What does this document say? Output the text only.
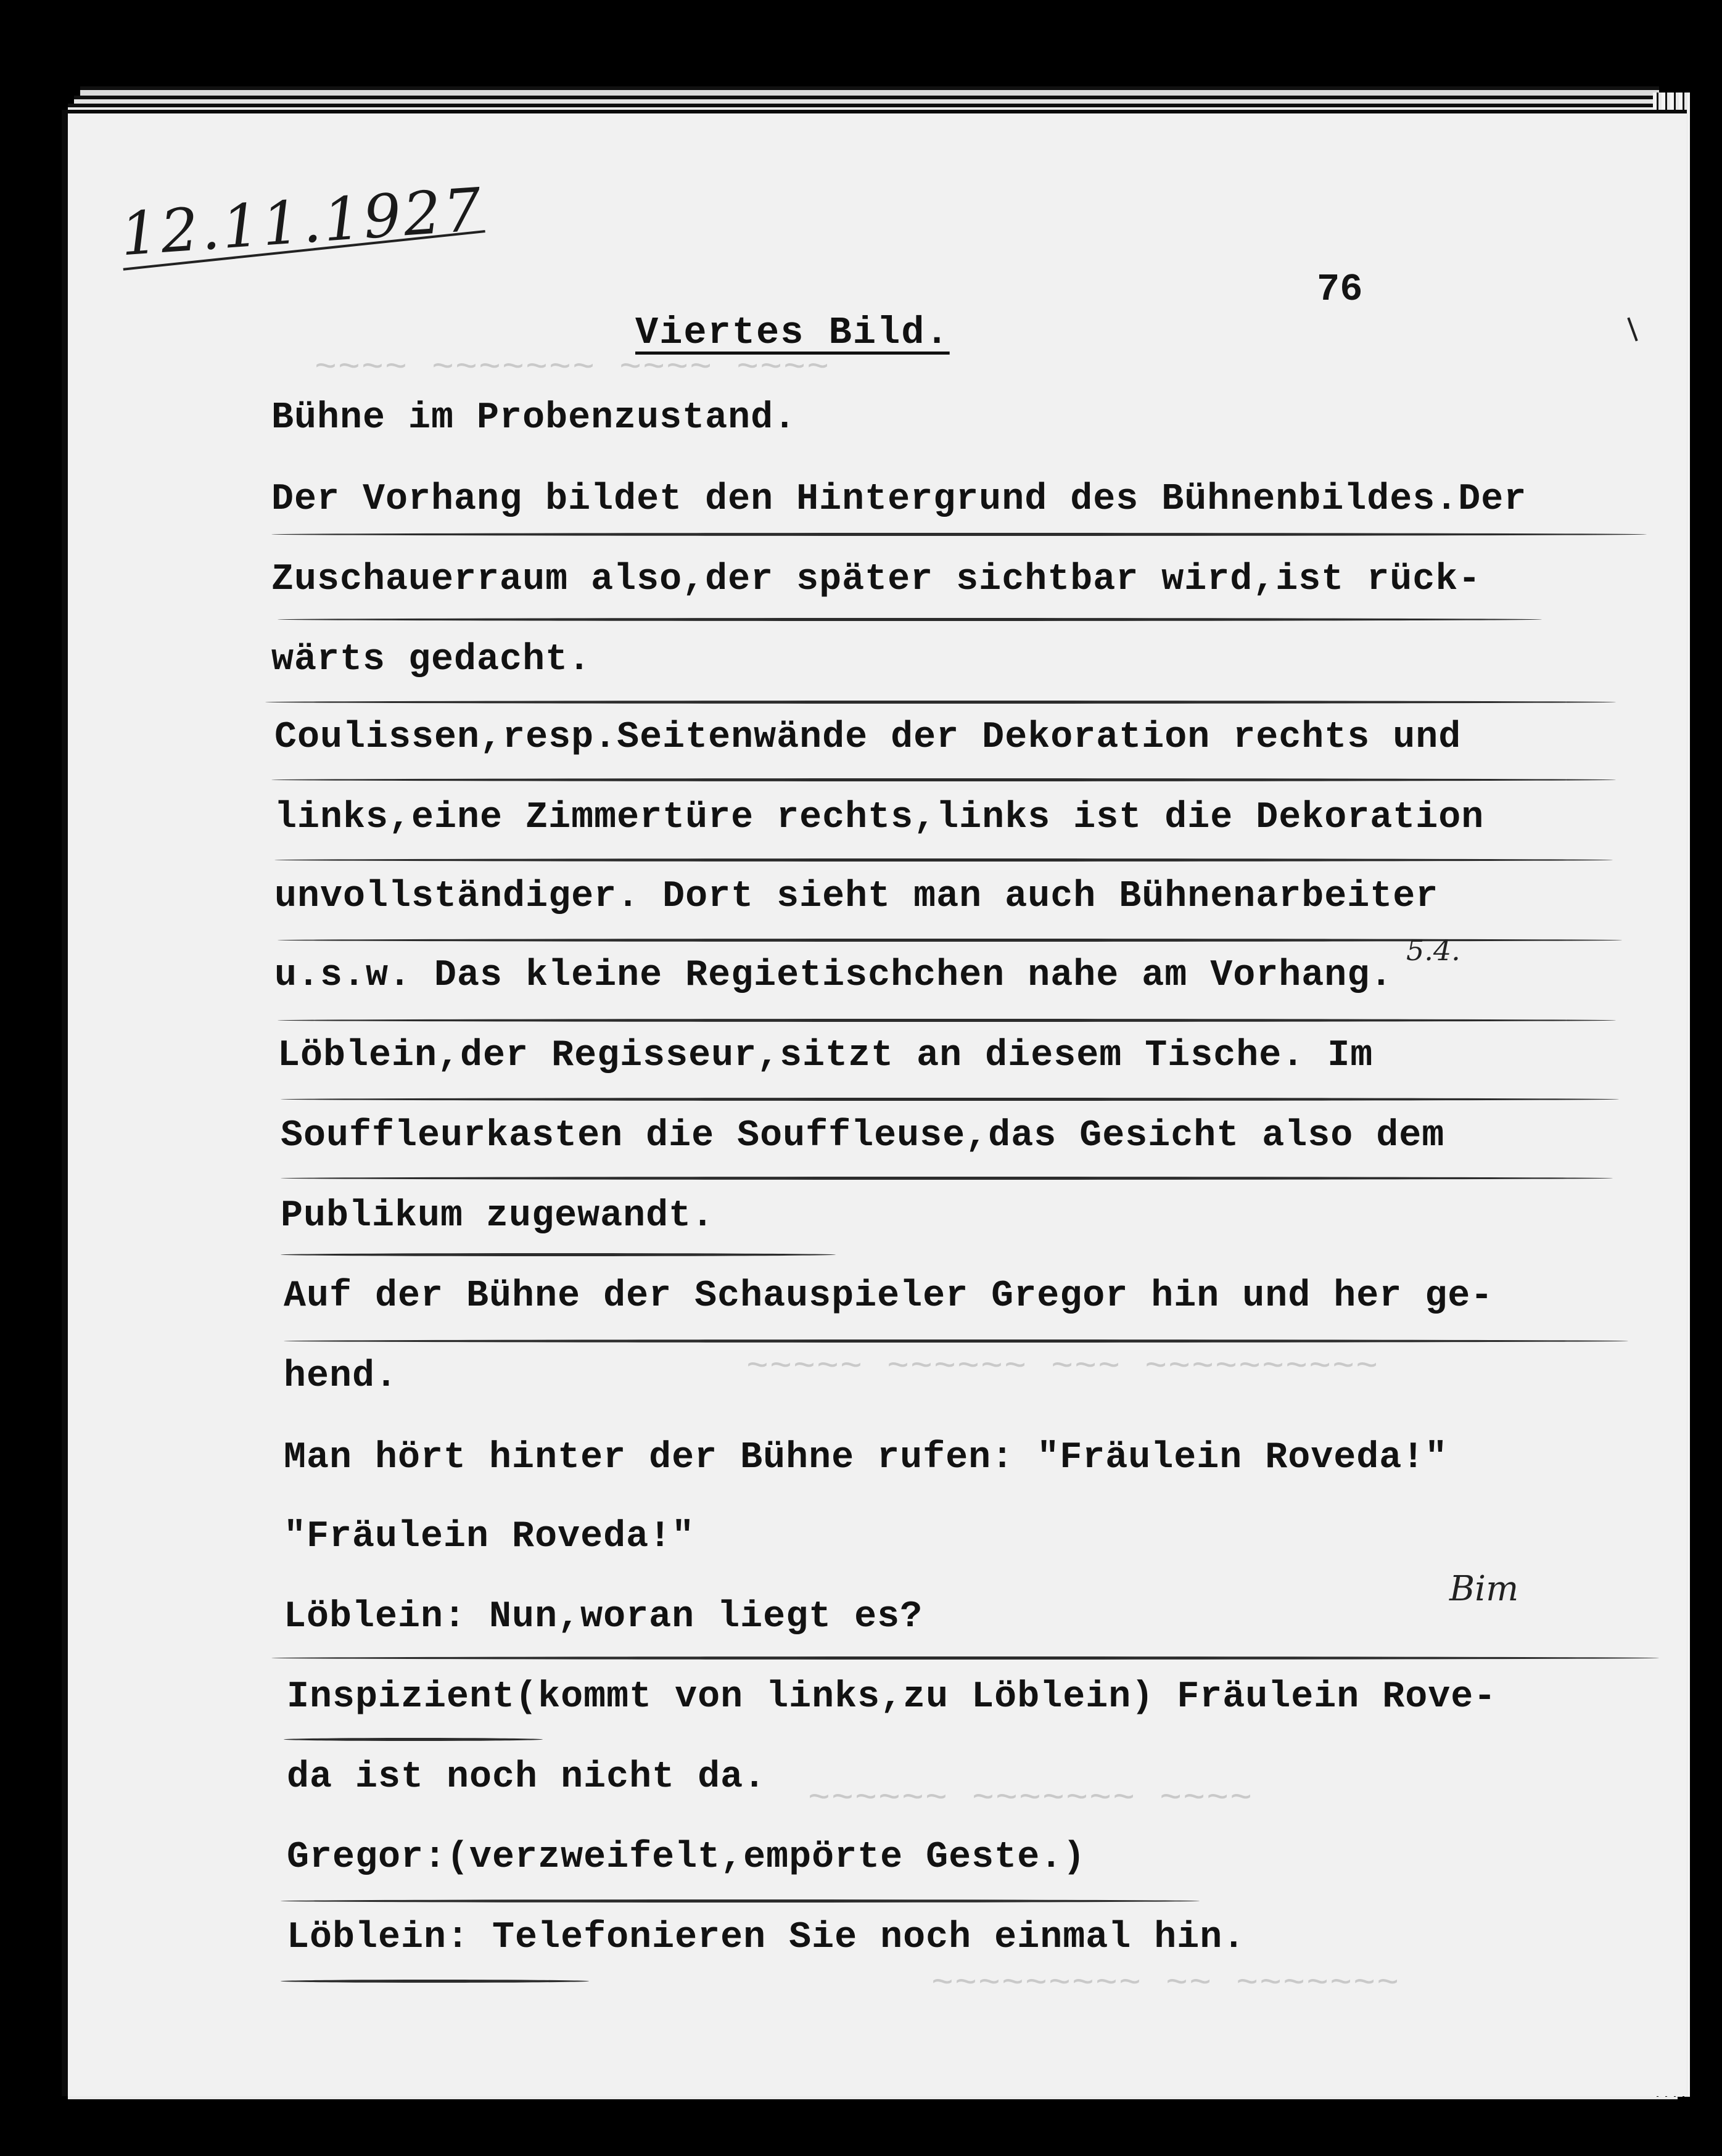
~~~~ ~~~~~~~ ~~~~ ~~~~
~~~~~ ~~~~~~ ~~~ ~~~~~~~~~~
~~~~~~ ~~~~~~~ ~~~~
~~~~~~~~~ ~~ ~~~~~~~
12.11.1927
76
Viertes Bild.
Bühne im Probenzustand.
Der Vorhang bildet den Hintergrund des Bühnenbildes.Der
Zuschauerraum also,der später sichtbar wird,ist rück-
wärts gedacht.
Coulissen,resp.Seitenwände der Dekoration rechts und
links,eine Zimmertüre rechts,links ist die Dekoration
unvollständiger. Dort sieht man auch Bühnenarbeiter
u.s.w. Das kleine Regietischchen nahe am Vorhang.
5.4.
Löblein,der Regisseur,sitzt an diesem Tische. Im
Souffleurkasten die Souffleuse,das Gesicht also dem
Publikum zugewandt.
Auf der Bühne der Schauspieler Gregor hin und her ge-
hend.
Man hört hinter der Bühne rufen: "Fräulein Roveda!"
"Fräulein Roveda!"
Löblein: Nun,woran liegt es?
Bim
Inspizient(kommt von links,zu Löblein) Fräulein Rove-
da ist noch nicht da.
Gregor:(verzweifelt,empörte Geste.)
Löblein: Telefonieren Sie noch einmal hin.
